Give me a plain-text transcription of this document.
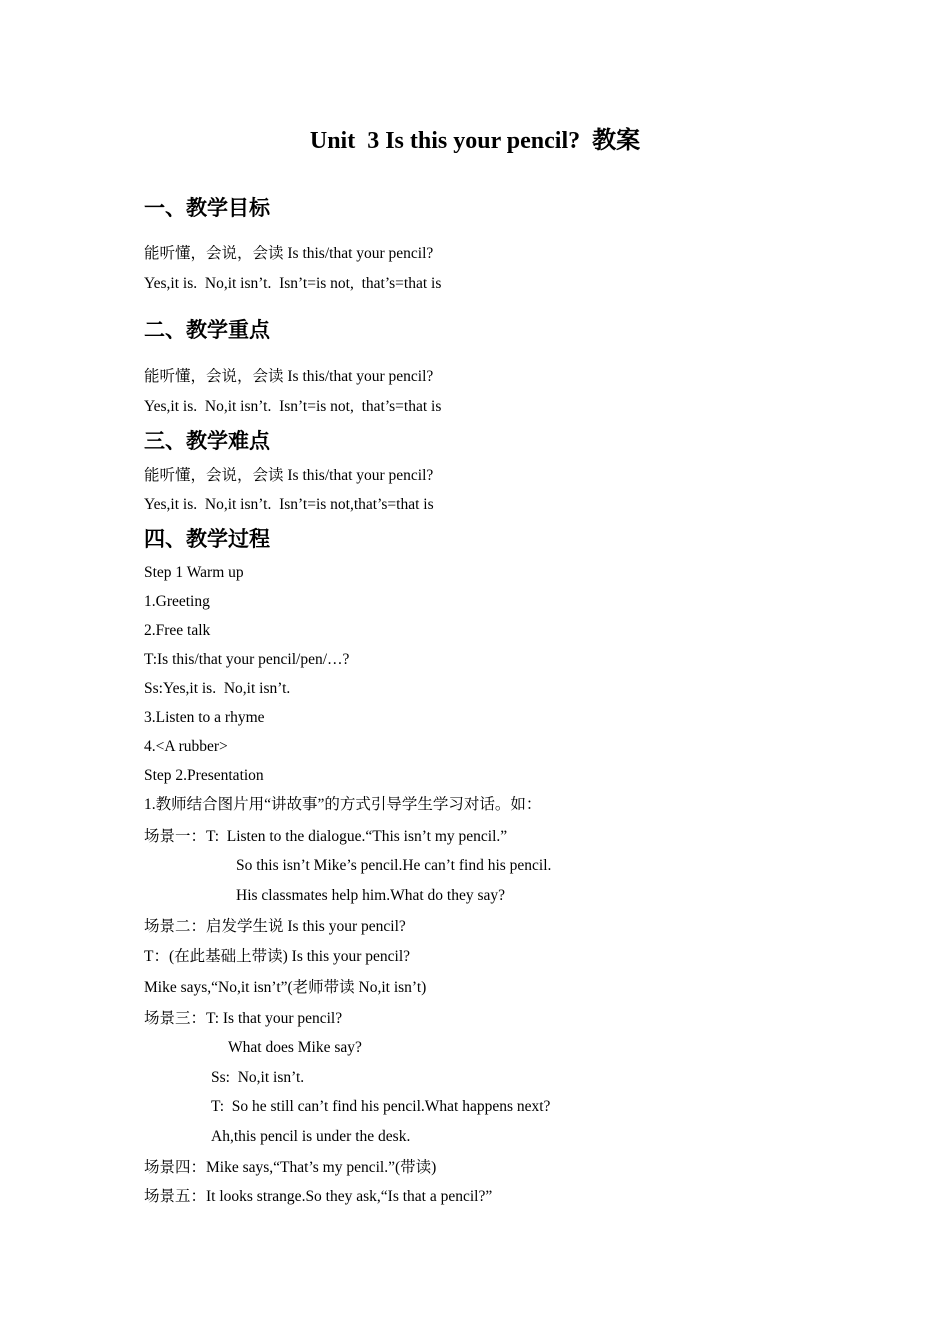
Unit  3 Is this your pencil?  教案
一、教学目标
能听懂，会说，会读 Is this/that your pencil?
Yes,it is.  No,it isn’t.  Isn’t=is not,  that’s=that is
二、教学重点
能听懂，会说，会读 Is this/that your pencil?
Yes,it is.  No,it isn’t.  Isn’t=is not,  that’s=that is
三、教学难点
能听懂，会说，会读 Is this/that your pencil?
Yes,it is.  No,it isn’t.  Isn’t=is not,that’s=that is
四、教学过程
Step 1 Warm up
1.Greeting
2.Free talk
T:Is this/that your pencil/pen/…?
Ss:Yes,it is.  No,it isn’t.
3.Listen to a rhyme
4.<A rubber>
Step 2.Presentation
1.教师结合图片用“讲故事”的方式引导学生学习对话。如：
场景一：T:  Listen to the dialogue.“This isn’t my pencil.”
So this isn’t Mike’s pencil.He can’t find his pencil.
His classmates help him.What do they say?
场景二：启发学生说 Is this your pencil?
T：(在此基础上带读) Is this your pencil?
Mike says,“No,it isn’t”(老师带读 No,it isn’t)
场景三：T: Is that your pencil?
What does Mike say?
Ss:  No,it isn’t.
T:  So he still can’t find his pencil.What happens next?
Ah,this pencil is under the desk.
场景四：Mike says,“That’s my pencil.”(带读)
场景五：It looks strange.So they ask,“Is that a pencil?”
